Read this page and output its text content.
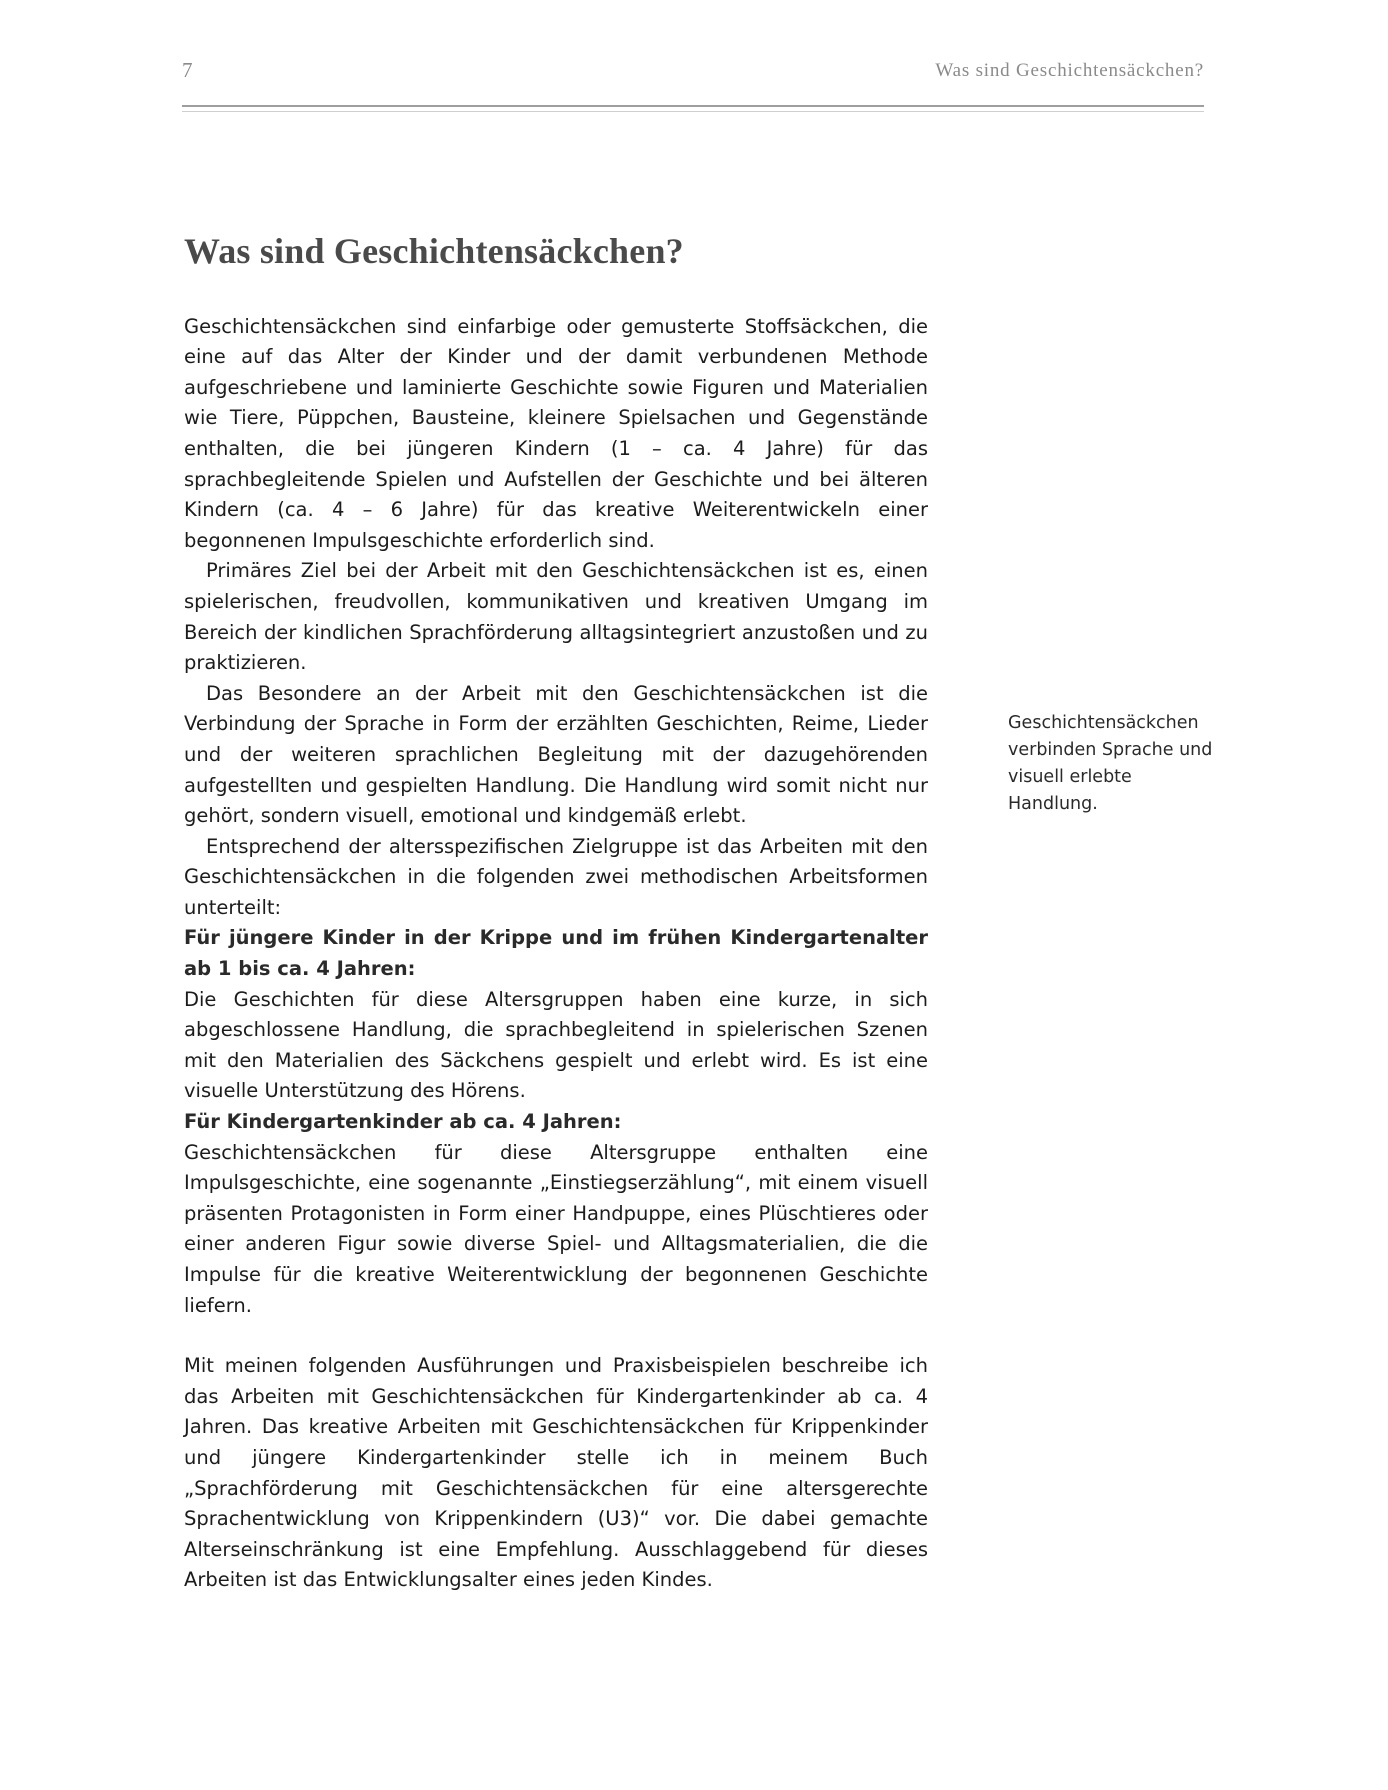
7	Was sind Geschichtensäckchen?
Was sind Geschichtensäckchen?

Geschichtensäckchen sind einfarbige oder gemusterte Stoffsäckchen, die eine auf das Alter der Kinder und der damit verbundenen Methode aufgeschriebene und laminierte Geschichte sowie Figuren und Materialien wie Tiere, Püppchen, Bausteine, kleinere Spielsachen und Gegenstände enthalten, die bei jüngeren Kindern (1 – ca. 4 Jahre) für das sprachbegleitende Spielen und Aufstellen der Geschichte und bei älteren Kindern (ca. 4 – 6 Jahre) für das kreative Weiterentwickeln einer begonnenen Impulsgeschichte erforderlich sind.

Primäres Ziel bei der Arbeit mit den Geschichtensäckchen ist es, einen spielerischen, freudvollen, kommunikativen und kreativen Umgang im Bereich der kindlichen Sprachförderung alltagsintegriert anzustoßen und zu praktizieren.

Das Besondere an der Arbeit mit den Geschichtensäckchen ist die Verbindung der Sprache in Form der erzählten Geschichten, Reime, Lieder und der weiteren sprachlichen Begleitung mit der dazugehörenden aufgestellten und gespielten Handlung. Die Handlung wird somit nicht nur gehört, sondern visuell, emotional und kindgemäß erlebt.

Entsprechend der altersspezifischen Zielgruppe ist das Arbeiten mit den Geschichtensäckchen in die folgenden zwei methodischen Arbeitsformen unterteilt:

Für jüngere Kinder in der Krippe und im frühen Kindergartenalter ab 1 bis ca. 4 Jahren:

Die Geschichten für diese Altersgruppen haben eine kurze, in sich abgeschlossene Handlung, die sprachbegleitend in spielerischen Szenen mit den Materialien des Säckchens gespielt und erlebt wird. Es ist eine visuelle Unterstützung des Hörens.

Für Kindergartenkinder ab ca. 4 Jahren:

Geschichtensäckchen für diese Altersgruppe enthalten eine Impulsgeschichte, eine sogenannte „Einstiegserzählung“, mit einem visuell präsenten Protagonisten in Form einer Handpuppe, eines Plüschtieres oder einer anderen Figur sowie diverse Spiel- und Alltagsmaterialien, die die Impulse für die kreative Weiterentwicklung der begonnenen Geschichte liefern.

Mit meinen folgenden Ausführungen und Praxisbeispielen beschreibe ich das Arbeiten mit Geschichtensäckchen für Kindergartenkinder ab ca. 4 Jahren. Das kreative Arbeiten mit Geschichtensäckchen für Krippenkinder und jüngere Kindergartenkinder stelle ich in meinem Buch „Sprachförderung mit Geschichtensäckchen für eine altersgerechte Sprachentwicklung von Krippenkindern (U3)“ vor. Die dabei gemachte Alterseinschränkung ist eine Empfehlung. Ausschlaggebend für dieses Arbeiten ist das Entwicklungsalter eines jeden Kindes.

Geschichtensäckchen verbinden Sprache und visuell erlebte Handlung.
